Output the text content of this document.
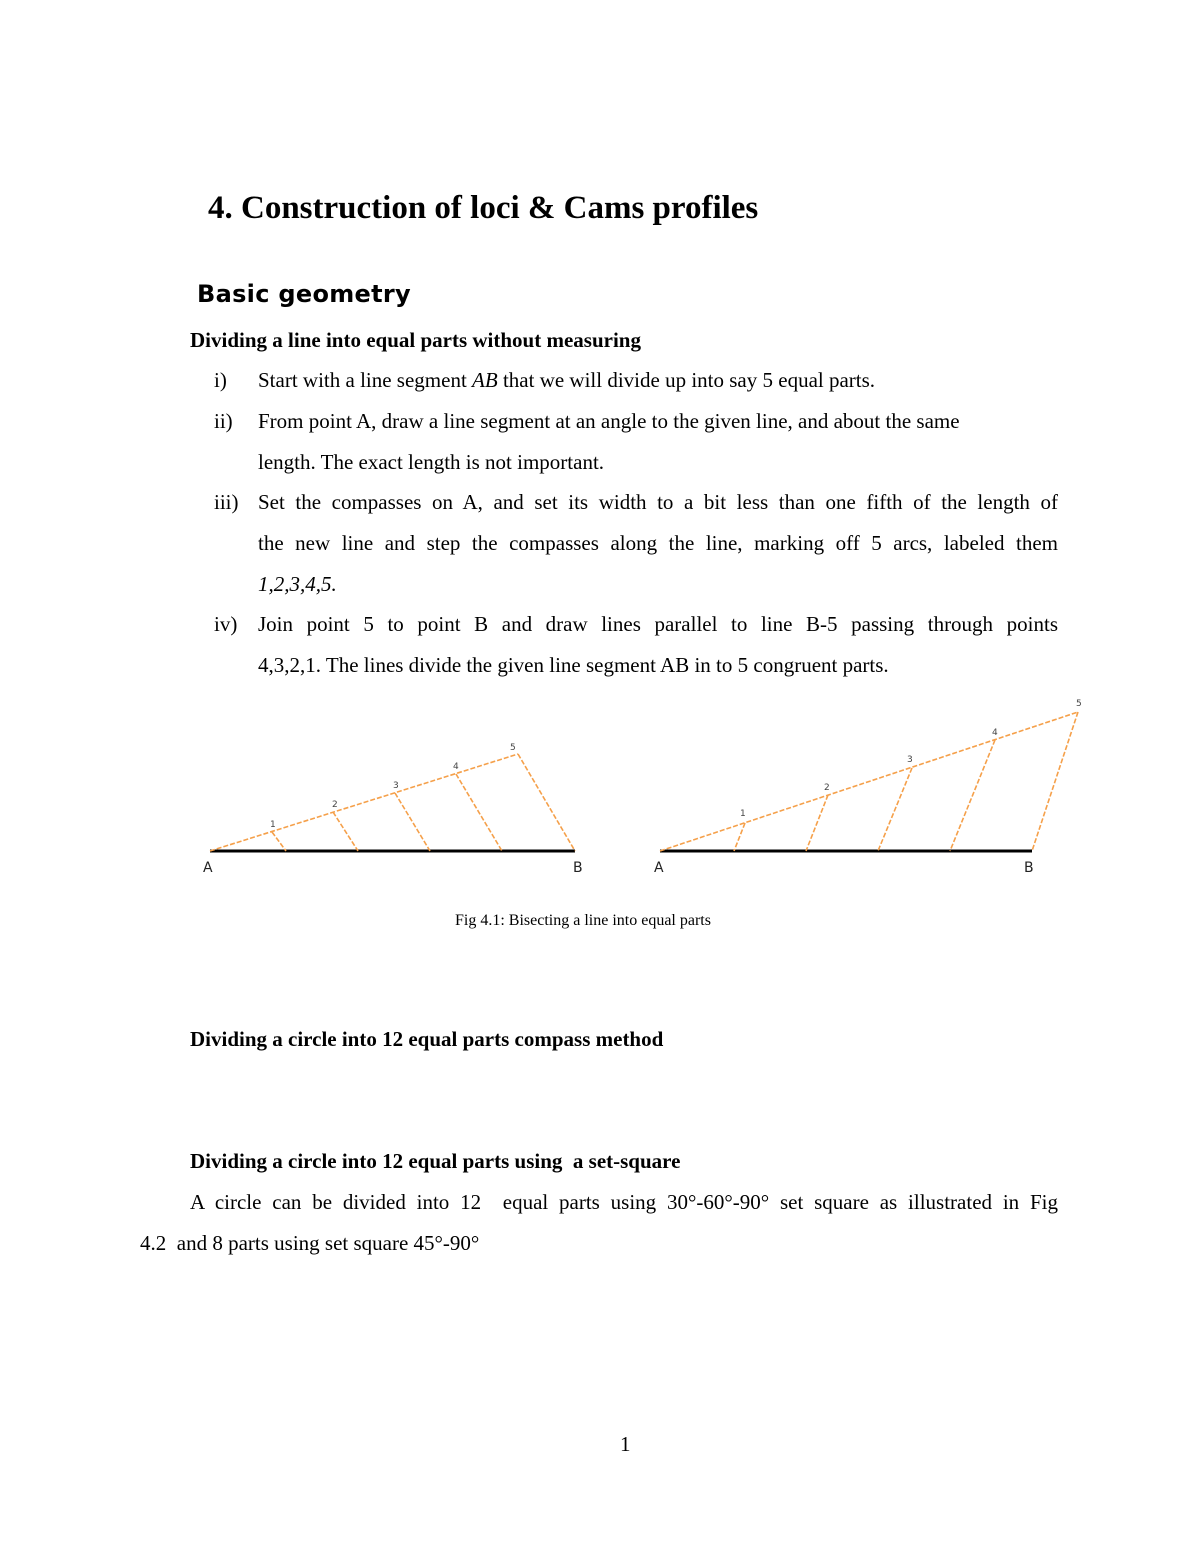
4. Construction of loci & Cams profiles
Basic geometry
Dividing a line into equal parts without measuring
i) Start with a line segment AB that we will divide up into say 5 equal parts.
ii) From point A, draw a line segment at an angle to the given line, and about the same
length. The exact length is not important.
iii) Set the compasses on A, and set its width to a bit less than one fifth of the length of
the new line and step the compasses along the line, marking off 5 arcs, labeled them
1,2,3,4,5.
iv) Join point 5 to point B and draw lines parallel to line B-5 passing through points
4,3,2,1. The lines divide the given line segment AB in to 5 congruent parts.
A	B
1
2
3
4
5
A	B
1
2
3
4
5
Fig 4.1: Bisecting a line into equal parts
Dividing a circle into 12 equal parts compass method
Dividing a circle into 12 equal parts using  a set-square
A circle can be divided into 12  equal parts using 30°-60°-90° set square as illustrated in Fig
4.2  and 8 parts using set square 45°-90°
1
